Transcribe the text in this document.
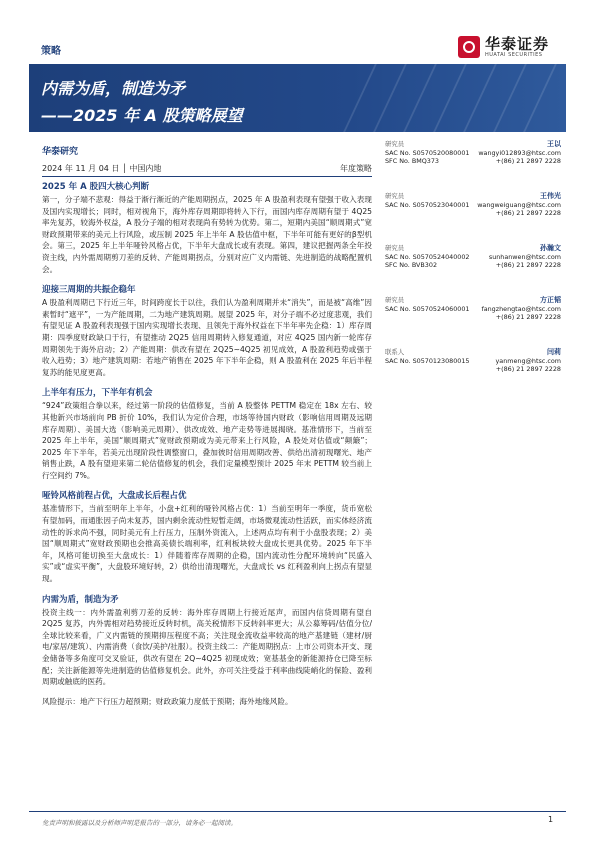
策略	华泰证券
HUATAI SECURITIES
内需为盾，制造为矛
——2025 年 A 股策略展望
华泰研究
2024 年 11 月 04 日 │ 中国内地	年度策略
2025 年 A 股四大核心判断

第一，分子端不悲观：得益于渐行渐近的产能周期拐点，2025 年 A 股盈利表现有望强于收入表现及国内实现增长；同时，相对视角下，海外库存周期即将转入下行，而国内库存周期有望于 4Q25 率先复苏，较海外权益，A 股分子端的相对表现尚有势转为优势。第二，短期内美国“顺周期式”宽财政预期带来的美元上行风险，或压制 2025 年上半年 A 股估值中枢，下半年可能有更好的β型机会。第三，2025 年上半年哑铃风格占优，下半年大盘成长或有表现。第四，建议把握两条全年投资主线，内外需周期剪刀差的反转、产能周期拐点，分别对应广义内需链、先进制造的战略配置机会。

迎接三周期的共振企稳年

A 股盈利周期已下行近三年，时间跨度长于以往，我们认为盈利周期并未“消失”，而是被“高维”因素暂时“遮平”，一为产能周期，二为地产建筑周期。展望 2025 年，对分子端不必过度悲观，我们有望见证 A 股盈利表现强于国内实现增长表现、且领先于海外权益在下半年率先企稳：1）库存周期：四季度财政缺口于行，有望推动 2Q25 信用周期转入修复通道，对应 4Q25 国内新一轮库存周期领先于海外启动；2）产能周期：供改有望在 2Q25~4Q25 初见成效，A 股盈利趋势或强于收入趋势；3）地产建筑周期：若地产销售在 2025 年下半年企稳，则 A 股盈利在 2025 年后半程复苏的能见度更高。

上半年有压力，下半年有机会

“924”政策组合拳以来，经过第一阶段的估值修复，当前 A 股整体 PETTM 稳定在 18x 左右、较其他新兴市场前向 PB 折价 10%，我们认为定价合理，市场等待国内财政（影响信用周期及远期库存周期）、美国大选（影响美元周期）、供改成效、地产走势等进展揭晓。基准情形下，当前至 2025 年上半年，美国“顺周期式”宽财政预期或为美元带来上行风险，A 股处对估值或“颠簸”；2025 年下半年，若美元出现阶段性调整窗口，叠加彼时信用周期改善、供给出清初现曙光、地产销售止跌，A 股有望迎来第二轮估值修复的机会，我们定量模型预计 2025 年末 PETTM 较当前上行空间约 7%。

哑铃风格前程占优，大盘成长后程占优

基准情形下，当前至明年上半年，小盘+红利的哑铃风格占优：1）当前至明年一季度，货币宽松有望加码，而通胀因子尚未复苏，国内剩余流动性短暂走阔，市场微观流动性活跃，而实体经济流动性的诉求尚不强，同时美元有上行压力，压制外资流入，上述两点均有利于小盘股表现；2）美国“顺周期式”宽财政预期也会推高美债长端利率，红利板块较大盘成长更具优势。2025 年下半年，风格可能切换至大盘成长：1）伴随着库存周期的企稳，国内流动性分配环境转向“民盛入实”或“虚实平衡”，大盘股环境好转，2）供给出清现曙光，大盘成长 vs 红利盈利向上拐点有望显现。

内需为盾，制造为矛

投资主线一：内外需盈利剪刀差的反转：海外库存周期上行接近尾声，而国内信贷周期有望自 2Q25 复苏，内外需相对趋势接近反转时机，高关税情形下反转斜率更大；从公募筹码/估值分位/全球比较来看，广义内需链的预期抑压程度不高；关注现金流收益率较高的地产基建链（建材/厨电/家居/建筑）、内需消费（食饮/美护/社服）。投资主线二：产能周期拐点：上市公司资本开支、现金储备等多角度可交叉验证，供改有望在 2Q~4Q25 初现成效；宽基基金的新能源持仓已降至标配；关注新能源等先进制造的估值修复机会。此外，亦可关注受益于利率曲线陡峭化的保险、盈利周期或触底的医药。

风险提示：地产下行压力超预期；财政政策力度低于预期；海外地缘风险。
研究员	王以
SAC No. S0570520080001 wangyi012893@htsc.com
SFC No. BMQ373	+(86) 21 2897 2228
研究员	王伟光
SAC No. S0570523040001 wangweiguang@htsc.com
+(86) 21 2897 2228
研究员	孙瀚文
SAC No. S0570524040002	sunhanwen@htsc.com
SFC No. BVB302	+(86) 21 2897 2228
研究员	方正韬
SAC No. S0570524060001 fangzhengtao@htsc.com
+(86) 21 2897 2228
联系人	闫莉
SAC No. S0570123080015	yanmeng@htsc.com
+(86) 21 2897 2228
免责声明和披露以及分析师声明是报告的一部分，请务必一起阅读。	1
